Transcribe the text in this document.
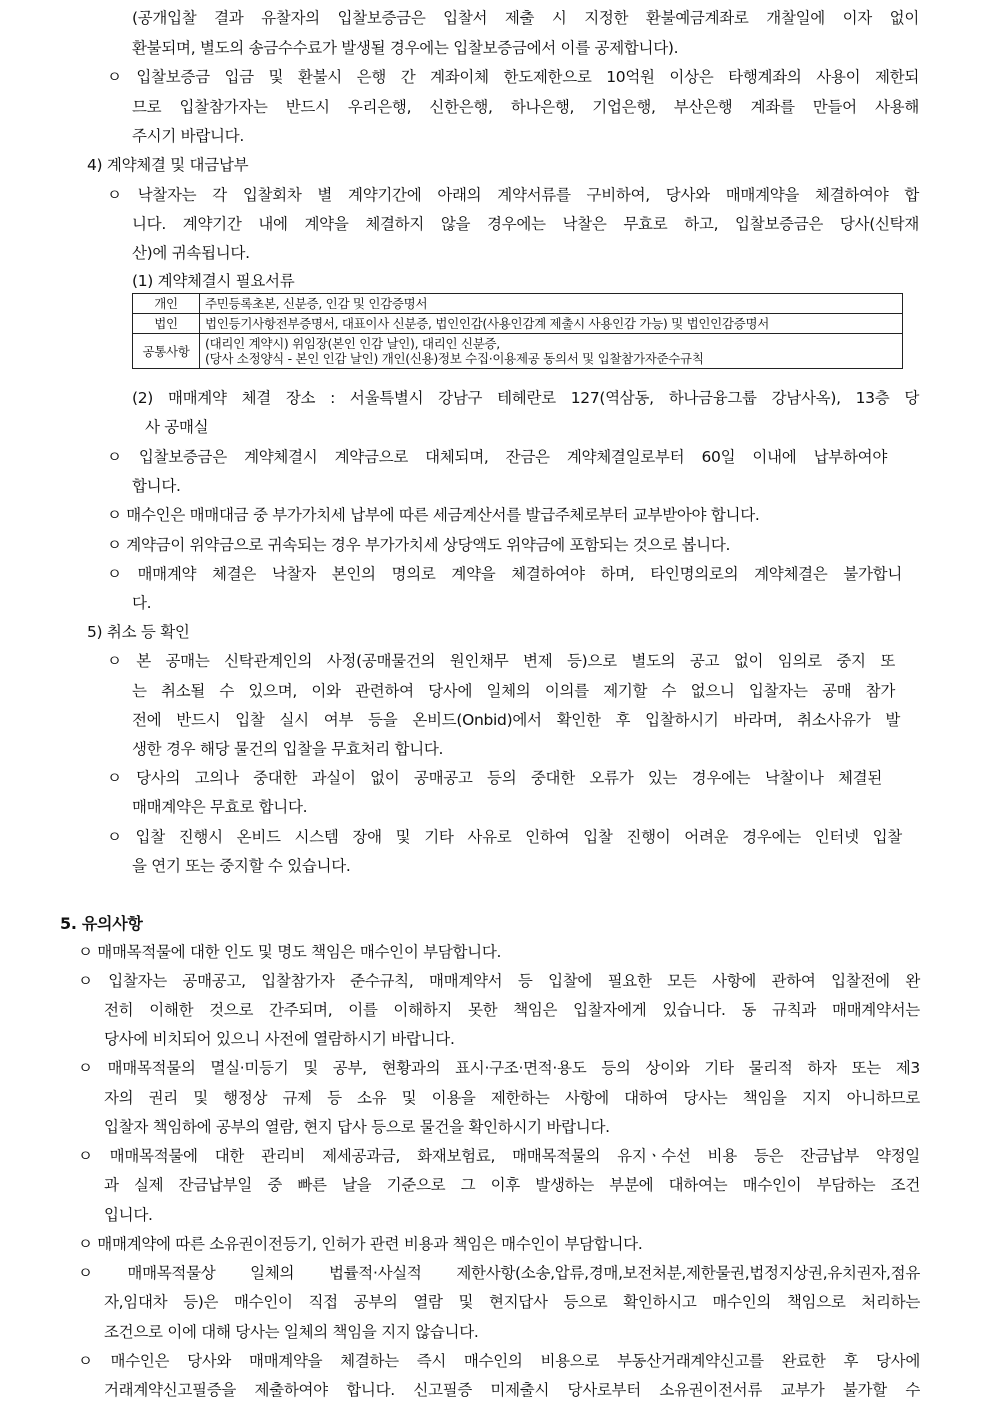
(공개입찰 결과 유찰자의 입찰보증금은 입찰서 제출 시 지정한 환불예금계좌로 개찰일에 이자 없이
환불되며, 별도의 송금수수료가 발생될 경우에는 입찰보증금에서 이를 공제합니다).
ㅇ 입찰보증금 입금 및 환불시 은행 간 계좌이체 한도제한으로 10억원 이상은 타행계좌의 사용이 제한되
므로 입찰참가자는 반드시 우리은행, 신한은행, 하나은행, 기업은행, 부산은행 계좌를 만들어 사용해
주시기 바랍니다.
4) 계약체결 및 대금납부
ㅇ 낙찰자는 각 입찰회차 별 계약기간에 아래의 계약서류를 구비하여, 당사와 매매계약을 체결하여야 합
니다. 계약기간 내에 계약을 체결하지 않을 경우에는 낙찰은 무효로 하고, 입찰보증금은 당사(신탁재
산)에 귀속됩니다.
(1) 계약체결시 필요서류
개인	주민등록초본, 신분증, 인감 및 인감증명서
법인	법인등기사항전부증명서, 대표이사 신분증, 법인인감(사용인감계 제출시 사용인감 가능) 및 법인인감증명서
공통사항	(대리인 계약시) 위임장(본인 인감 날인), 대리인 신분증,
(당사 소정양식 - 본인 인감 날인) 개인(신용)정보 수집·이용제공 동의서 및 입찰참가자준수규칙
(2) 매매계약 체결 장소 : 서울특별시 강남구 테헤란로 127(역삼동, 하나금융그룹 강남사옥), 13층 당
사 공매실
ㅇ 입찰보증금은 계약체결시 계약금으로 대체되며, 잔금은 계약체결일로부터 60일 이내에 납부하여야
합니다.
ㅇ 매수인은 매매대금 중 부가가치세 납부에 따른 세금계산서를 발급주체로부터 교부받아야 합니다.
ㅇ 계약금이 위약금으로 귀속되는 경우 부가가치세 상당액도 위약금에 포함되는 것으로 봅니다.
ㅇ 매매계약 체결은 낙찰자 본인의 명의로 계약을 체결하여야 하며, 타인명의로의 계약체결은 불가합니
다.
5) 취소 등 확인
ㅇ 본 공매는 신탁관계인의 사정(공매물건의 원인채무 변제 등)으로 별도의 공고 없이 임의로 중지 또
는 취소될 수 있으며, 이와 관련하여 당사에 일체의 이의를 제기할 수 없으니 입찰자는 공매 참가
전에 반드시 입찰 실시 여부 등을 온비드(Onbid)에서 확인한 후 입찰하시기 바라며, 취소사유가 발
생한 경우 해당 물건의 입찰을 무효처리 합니다.
ㅇ 당사의 고의나 중대한 과실이 없이 공매공고 등의 중대한 오류가 있는 경우에는 낙찰이나 체결된
매매계약은 무효로 합니다.
ㅇ 입찰 진행시 온비드 시스템 장애 및 기타 사유로 인하여 입찰 진행이 어려운 경우에는 인터넷 입찰
을 연기 또는 중지할 수 있습니다.
5. 유의사항
ㅇ 매매목적물에 대한 인도 및 명도 책임은 매수인이 부담합니다.
ㅇ 입찰자는 공매공고, 입찰참가자 준수규칙, 매매계약서 등 입찰에 필요한 모든 사항에 관하여 입찰전에 완
전히 이해한 것으로 간주되며, 이를 이해하지 못한 책임은 입찰자에게 있습니다. 동 규칙과 매매계약서는
당사에 비치되어 있으니 사전에 열람하시기 바랍니다.
ㅇ 매매목적물의 멸실·미등기 및 공부, 현황과의 표시·구조·면적·용도 등의 상이와 기타 물리적 하자 또는 제3
자의 권리 및 행정상 규제 등 소유 및 이용을 제한하는 사항에 대하여 당사는 책임을 지지 아니하므로
입찰자 책임하에 공부의 열람, 현지 답사 등으로 물건을 확인하시기 바랍니다.
ㅇ 매매목적물에 대한 관리비 제세공과금, 화재보험료, 매매목적물의 유지ㆍ수선 비용 등은 잔금납부 약정일
과 실제 잔금납부일 중 빠른 날을 기준으로 그 이후 발생하는 부분에 대하여는 매수인이 부담하는 조건
입니다.
ㅇ 매매계약에 따른 소유권이전등기, 인허가 관련 비용과 책임은 매수인이 부담합니다.
ㅇ 매매목적물상 일체의 법률적·사실적 제한사항(소송,압류,경매,보전처분,제한물권,법정지상권,유치권자,점유
자,임대차 등)은 매수인이 직접 공부의 열람 및 현지답사 등으로 확인하시고 매수인의 책임으로 처리하는
조건으로 이에 대해 당사는 일체의 책임을 지지 않습니다.
ㅇ 매수인은 당사와 매매계약을 체결하는 즉시 매수인의 비용으로 부동산거래계약신고를 완료한 후 당사에
거래계약신고필증을 제출하여야 합니다. 신고필증 미제출시 당사로부터 소유권이전서류 교부가 불가할 수
